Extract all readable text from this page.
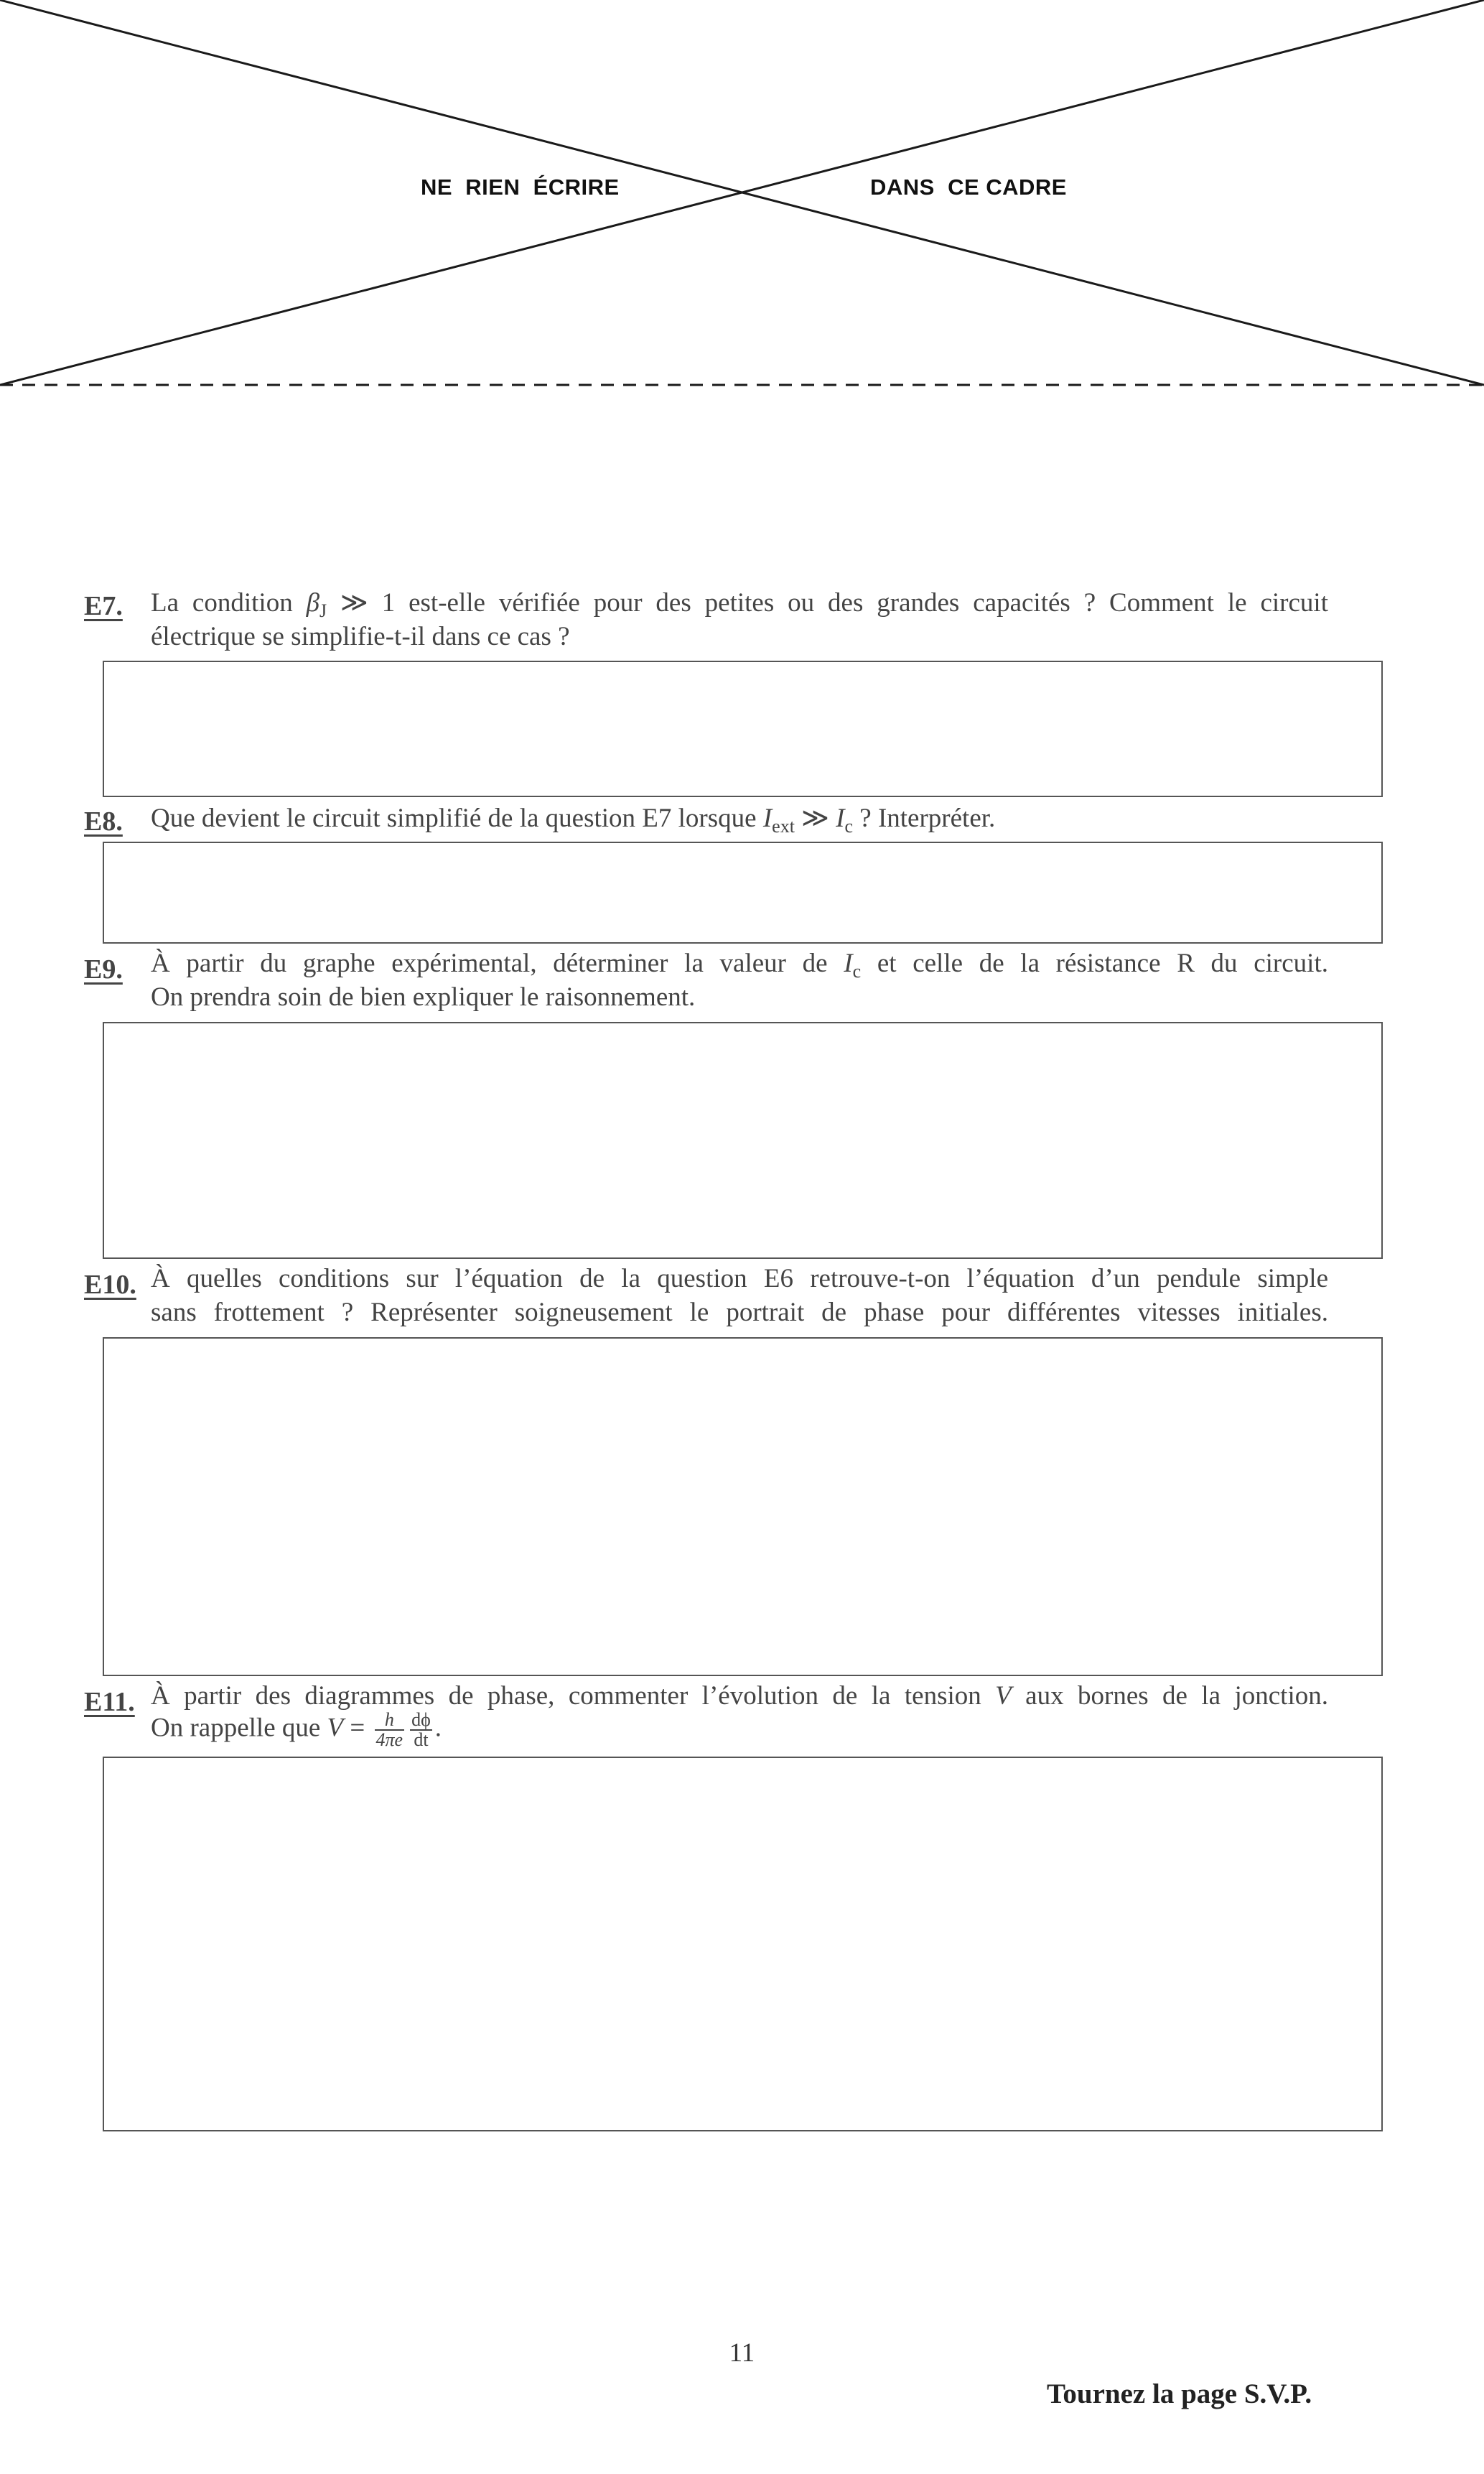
NE  RIEN  ÉCRIRE	DANS  CE CADRE
E7. La condition $\beta_J$ ≫ 1 est-elle vérifiée pour des petites ou des grandes capacités ? Comment le circuit
électrique se simplifie-t-il dans ce cas ?
E8. Que devient le circuit simplifié de la question E7 lorsque $I_{ext}$ ≫ $I_c$ ? Interpréter.
E9. À partir du graphe expérimental, déterminer la valeur de $I_c$ et celle de la résistance R du circuit.
On prendra soin de bien expliquer le raisonnement.
E10. À quelles conditions sur l’équation de la question E6 retrouve-t-on l’équation d’un pendule simple
sans frottement ? Représenter soigneusement le portrait de phase pour différentes vitesses initiales.
E11. À partir des diagrammes de phase, commenter l’évolution de la tension V aux bornes de la jonction.
On rappelle que $V = \frac{h}{4\pi e} \frac{d\phi}{dt}$ .
11
Tournez la page S.V.P.
